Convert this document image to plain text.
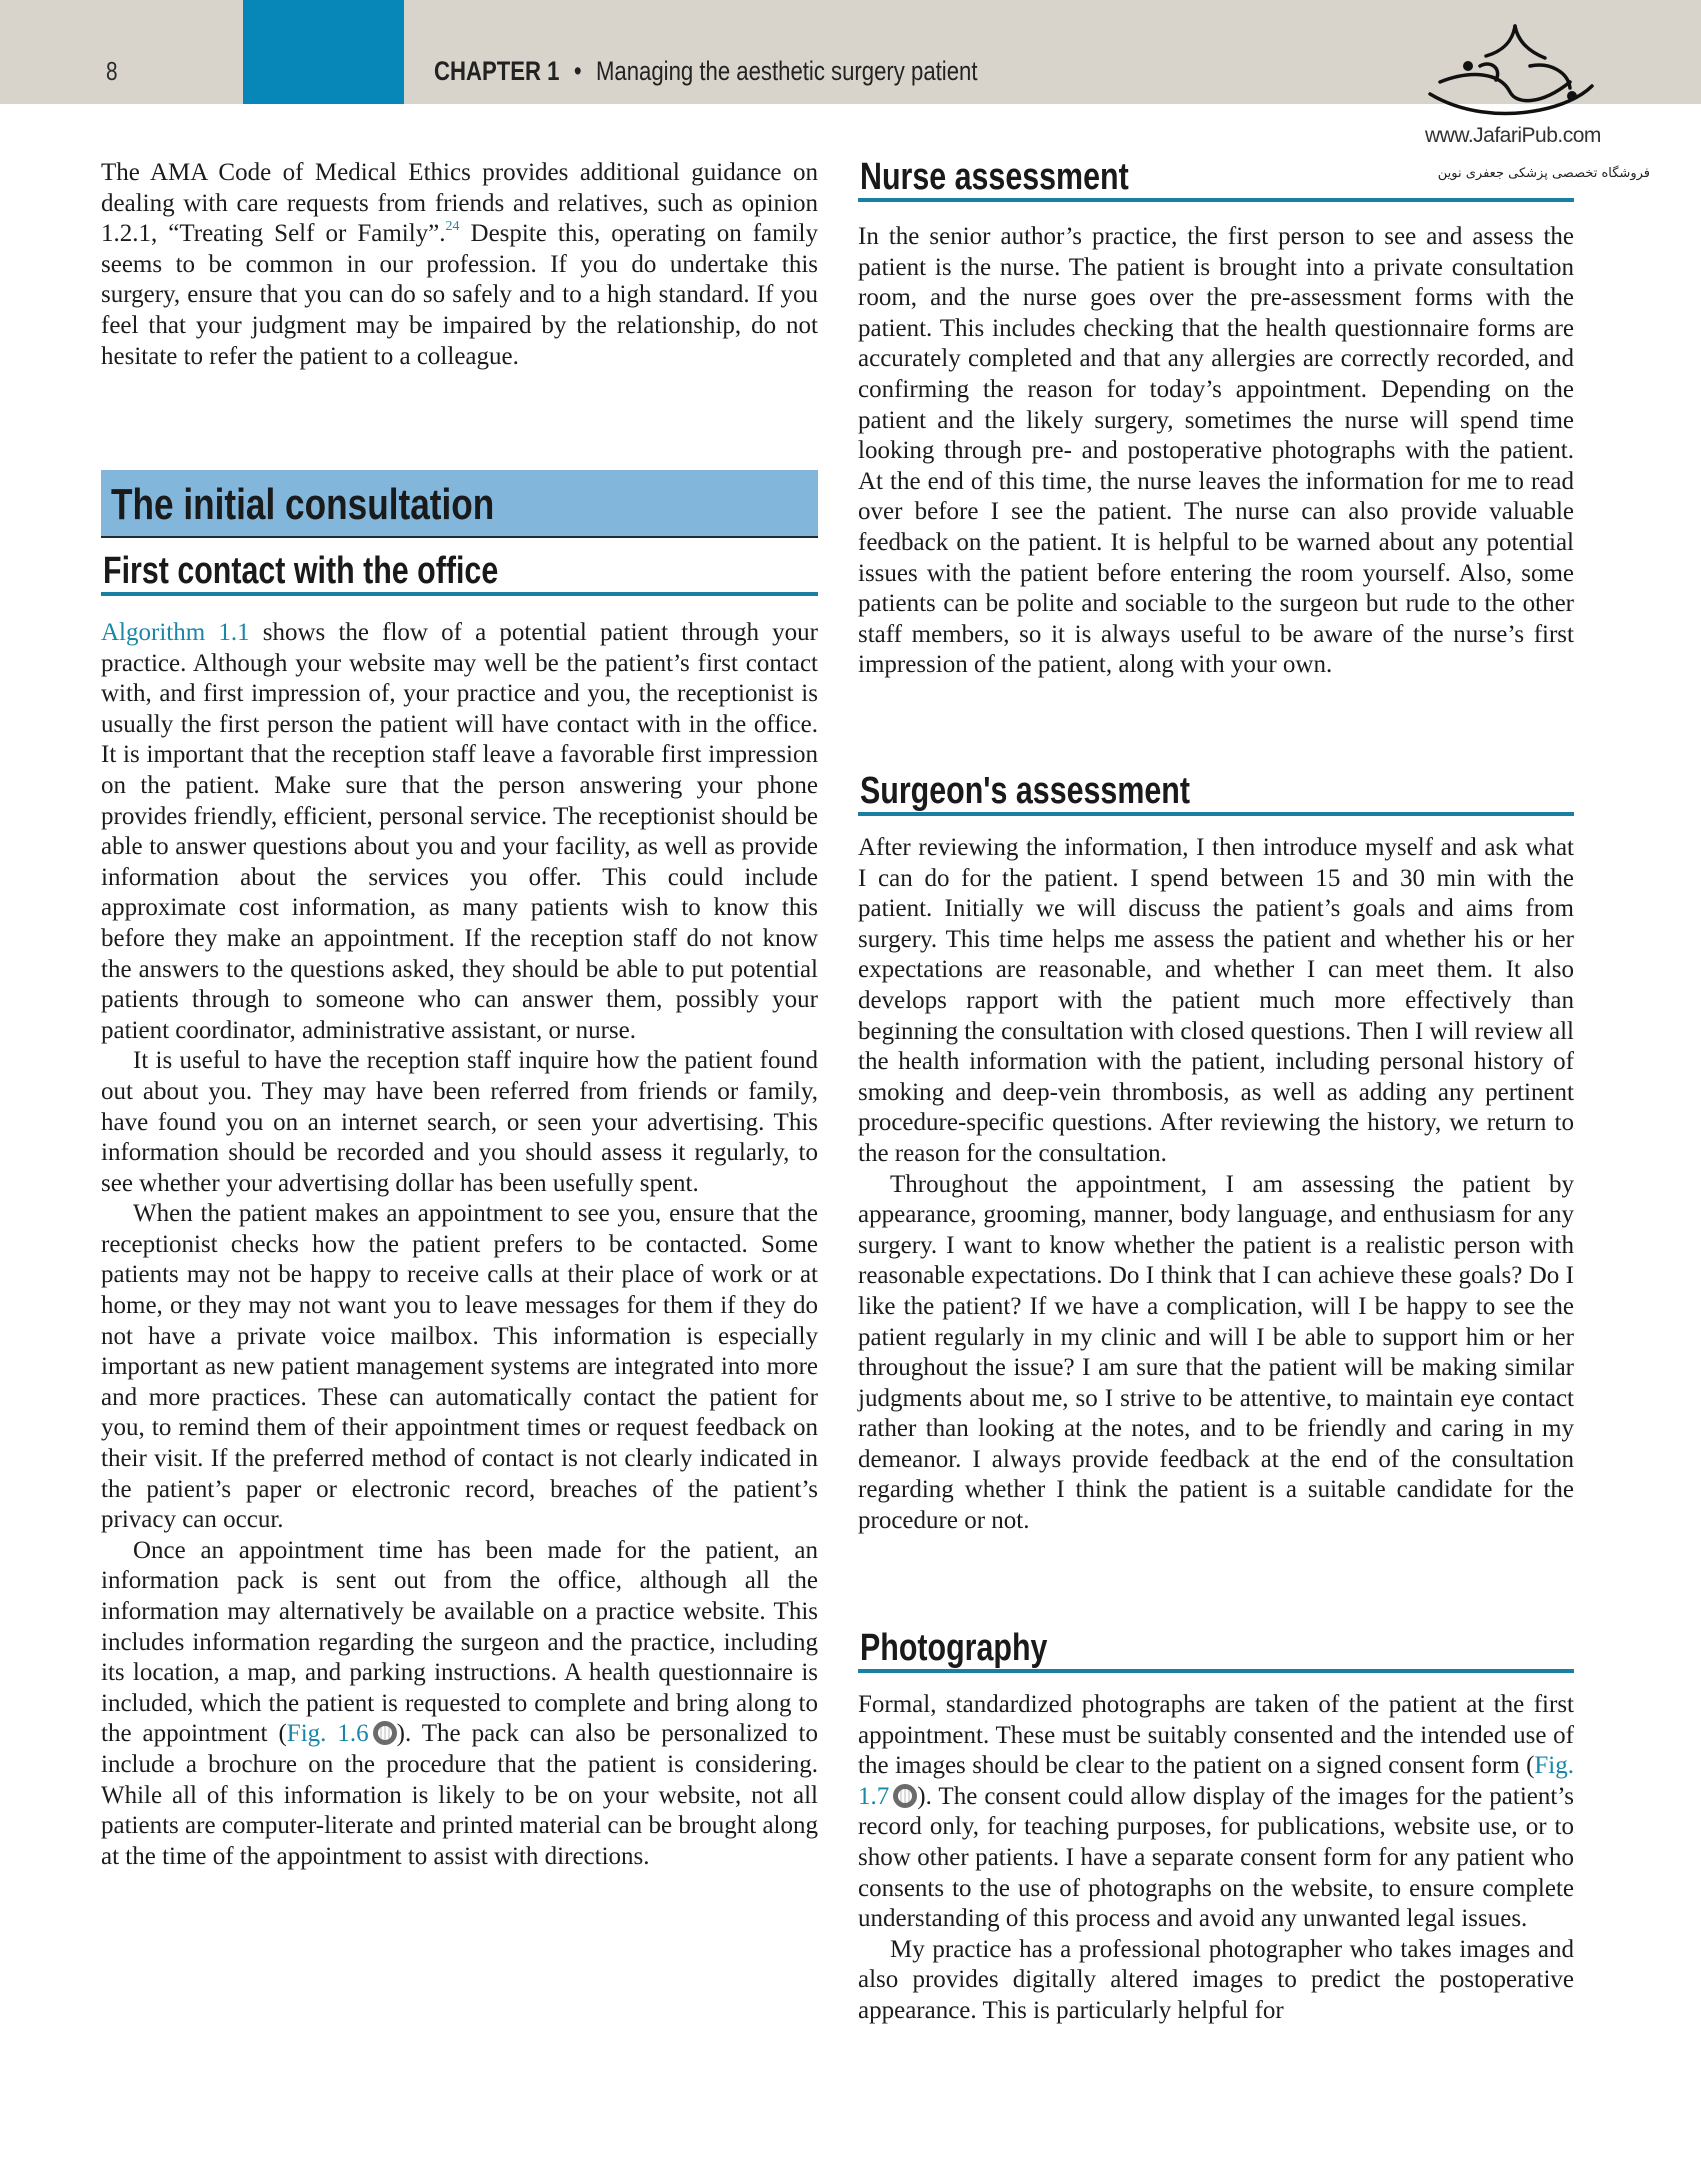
8	CHAPTER 1 • Managing the aesthetic surgery patient
www.JafariPub.com
فروشگاه تخصصی پزشکی جعفری نوین

The AMA Code of Medical Ethics provides additional guidance on dealing with care requests from friends and relatives, such as opinion 1.2.1, “Treating Self or Family”.$^{24}$ Despite this, operating on family seems to be common in our profession. If you do undertake this surgery, ensure that you can do so safely and to a high standard. If you feel that your judgment may be impaired by the relationship, do not hesitate to refer the patient to a colleague.

The initial consultation
First contact with the office

Algorithm 1.1 shows the flow of a potential patient through your practice. Although your website may well be the patient’s first contact with, and first impression of, your practice and you, the receptionist is usually the first person the patient will have contact with in the office. It is important that the reception staff leave a favorable first impression on the patient. Make sure that the person answering your phone provides friendly, efficient, personal service. The receptionist should be able to answer questions about you and your facility, as well as provide information about the services you offer. This could include approximate cost information, as many patients wish to know this before they make an appointment. If the reception staff do not know the answers to the questions asked, they should be able to put potential patients through to someone who can answer them, possibly your patient coordinator, administrative assistant, or nurse.

It is useful to have the reception staff inquire how the patient found out about you. They may have been referred from friends or family, have found you on an internet search, or seen your advertising. This information should be recorded and you should assess it regularly, to see whether your advertising dollar has been usefully spent.

When the patient makes an appointment to see you, ensure that the receptionist checks how the patient prefers to be contacted. Some patients may not be happy to receive calls at their place of work or at home, or they may not want you to leave messages for them if they do not have a private voice mailbox. This information is especially important as new patient management systems are integrated into more and more practices. These can automatically contact the patient for you, to remind them of their appointment times or request feedback on their visit. If the preferred method of contact is not clearly indicated in the patient’s paper or electronic record, breaches of the patient’s privacy can occur.

Once an appointment time has been made for the patient, an information pack is sent out from the office, although all the information may alternatively be available on a practice website. This includes information regarding the surgeon and the practice, including its location, a map, and parking instructions. A health questionnaire is included, which the patient is requested to complete and bring along to the appointment (Fig. 1.6 ). The pack can also be personalized to include a brochure on the procedure that the patient is considering. While all of this information is likely to be on your website, not all patients are computer-literate and printed material can be brought along at the time of the appointment to assist with directions.

Nurse assessment

In the senior author’s practice, the first person to see and assess the patient is the nurse. The patient is brought into a private consultation room, and the nurse goes over the pre-assessment forms with the patient. This includes checking that the health questionnaire forms are accurately completed and that any allergies are correctly recorded, and confirming the reason for today’s appointment. Depending on the patient and the likely surgery, sometimes the nurse will spend time looking through pre- and postoperative photographs with the patient. At the end of this time, the nurse leaves the information for me to read over before I see the patient. The nurse can also provide valuable feedback on the patient. It is helpful to be warned about any potential issues with the patient before entering the room yourself. Also, some patients can be polite and sociable to the surgeon but rude to the other staff members, so it is always useful to be aware of the nurse’s first impression of the patient, along with your own.

Surgeon's assessment

After reviewing the information, I then introduce myself and ask what I can do for the patient. I spend between 15 and 30 min with the patient. Initially we will discuss the patient’s goals and aims from surgery. This time helps me assess the patient and whether his or her expectations are reasonable, and whether I can meet them. It also develops rapport with the patient much more effectively than beginning the consultation with closed questions. Then I will review all the health information with the patient, including personal history of smoking and deep-vein thrombosis, as well as adding any pertinent procedure-specific questions. After reviewing the history, we return to the reason for the consultation.

Throughout the appointment, I am assessing the patient by appearance, grooming, manner, body language, and enthusiasm for any surgery. I want to know whether the patient is a realistic person with reasonable expectations. Do I think that I can achieve these goals? Do I like the patient? If we have a complication, will I be happy to see the patient regularly in my clinic and will I be able to support him or her throughout the issue? I am sure that the patient will be making similar judgments about me, so I strive to be attentive, to maintain eye contact rather than looking at the notes, and to be friendly and caring in my demeanor. I always provide feedback at the end of the consultation regarding whether I think the patient is a suitable candidate for the procedure or not.

Photography

Formal, standardized photographs are taken of the patient at the first appointment. These must be suitably consented and the intended use of the images should be clear to the patient on a signed consent form (Fig. 1.7 ). The consent could allow display of the images for the patient’s record only, for teaching purposes, for publications, website use, or to show other patients. I have a separate consent form for any patient who consents to the use of photographs on the website, to ensure complete understanding of this process and avoid any unwanted legal issues.

My practice has a professional photographer who takes images and also provides digitally altered images to predict the postoperative appearance. This is particularly helpful for
